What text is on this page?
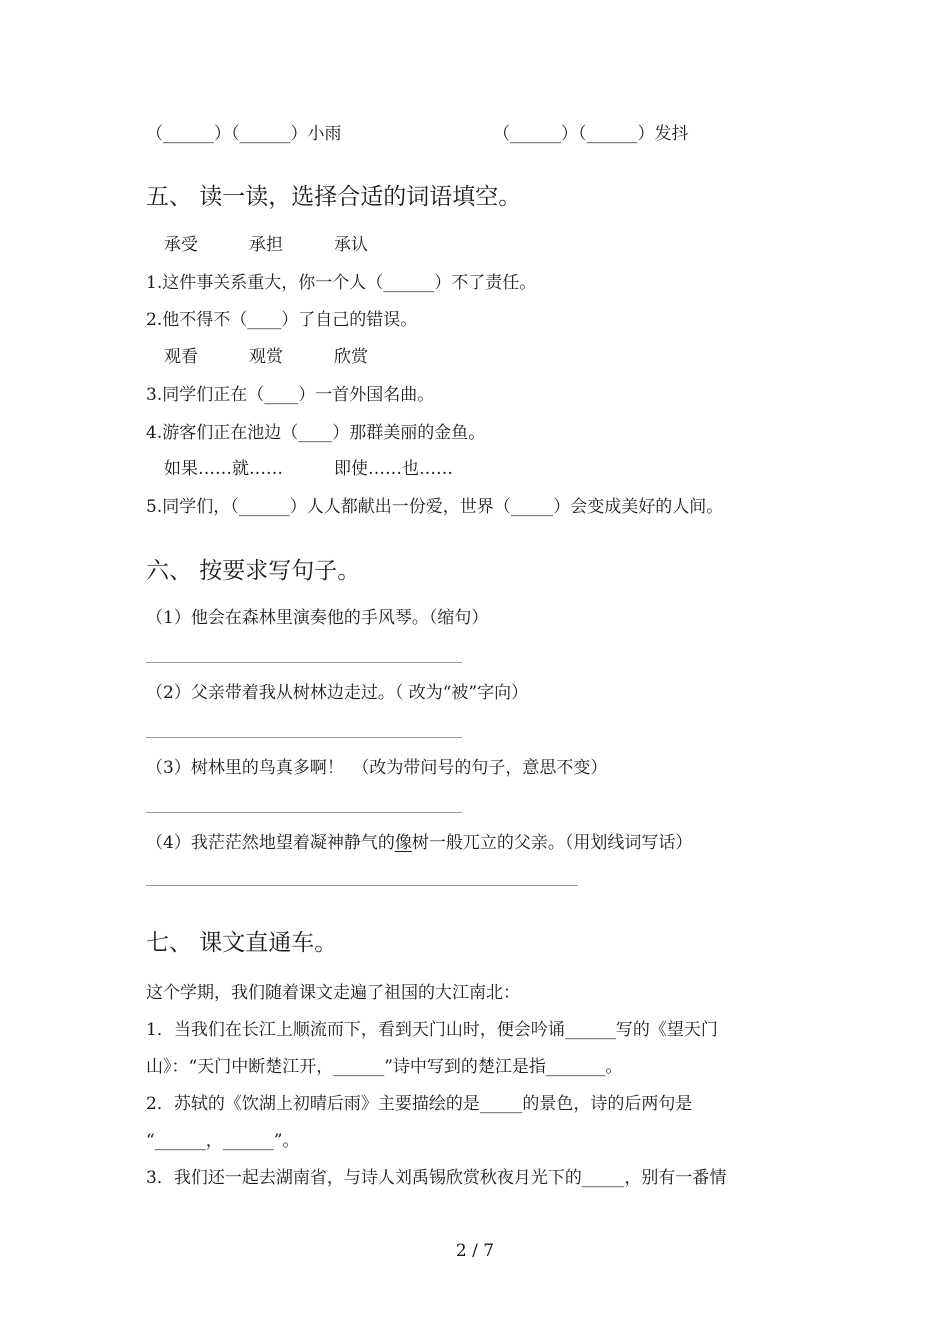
（______）（______）小雨	（______）（______）发抖
五、 读一读，选择合适的词语填空。
承受　　　承担　　　承认
1.这件事关系重大，你一个人（______）不了责任。
2.他不得不（____）了自己的错误。
观看　　　观赏　　　欣赏
3.同学们正在（____）一首外国名曲。
4.游客们正在池边（____）那群美丽的金鱼。
如果……就……　　　即使……也……
5.同学们，（______）人人都献出一份爱，世界（_____）会变成美好的人间。
六、 按要求写句子。
（1）他会在森林里演奏他的手风琴。（缩句）
（2）父亲带着我从树林边走过。（ 改为“被”字向）
（3）树林里的鸟真多啊！　（改为带问号的句子，意思不变）
（4）我茫茫然地望着凝神静气的像树一般兀立的父亲。（用划线词写话）
七、 课文直通车。
这个学期，我们随着课文走遍了祖国的大江南北：
1．当我们在长江上顺流而下，看到天门山时，便会吟诵______写的《望天门
山》：“天门中断楚江开，______”诗中写到的楚江是指_______。
2．苏轼的《饮湖上初晴后雨》主要描绘的是_____的景色，诗的后两句是
“______，______”。
3．我们还一起去湖南省，与诗人刘禹锡欣赏秋夜月光下的_____，别有一番情
2 / 7
